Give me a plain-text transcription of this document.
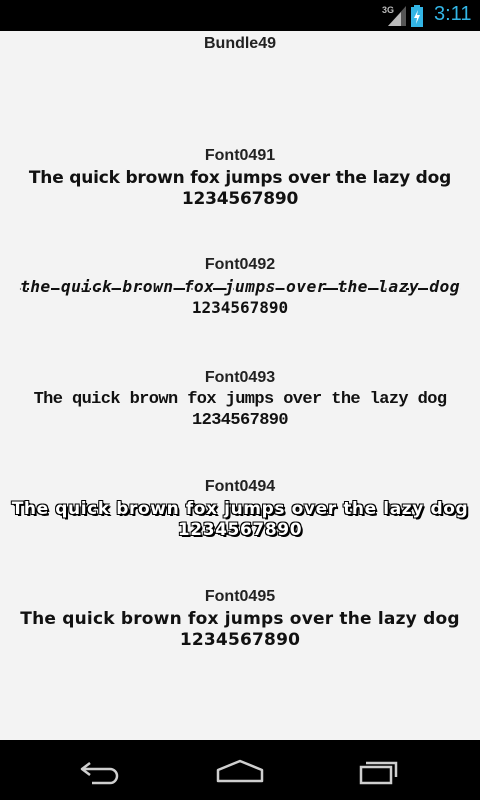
3G 3:11
Bundle49
Font0491
The quick brown fox jumps over the lazy dog
1234567890
Font0492
the quick brown fox jumps over the lazy dog
1234567890
Font0493
The quick brown fox jumps over the lazy dog
1234567890
Font0494
The quick brown fox jumps over the lazy dog
1234567890
Font0495
The quick brown fox jumps over the lazy dog
1234567890
